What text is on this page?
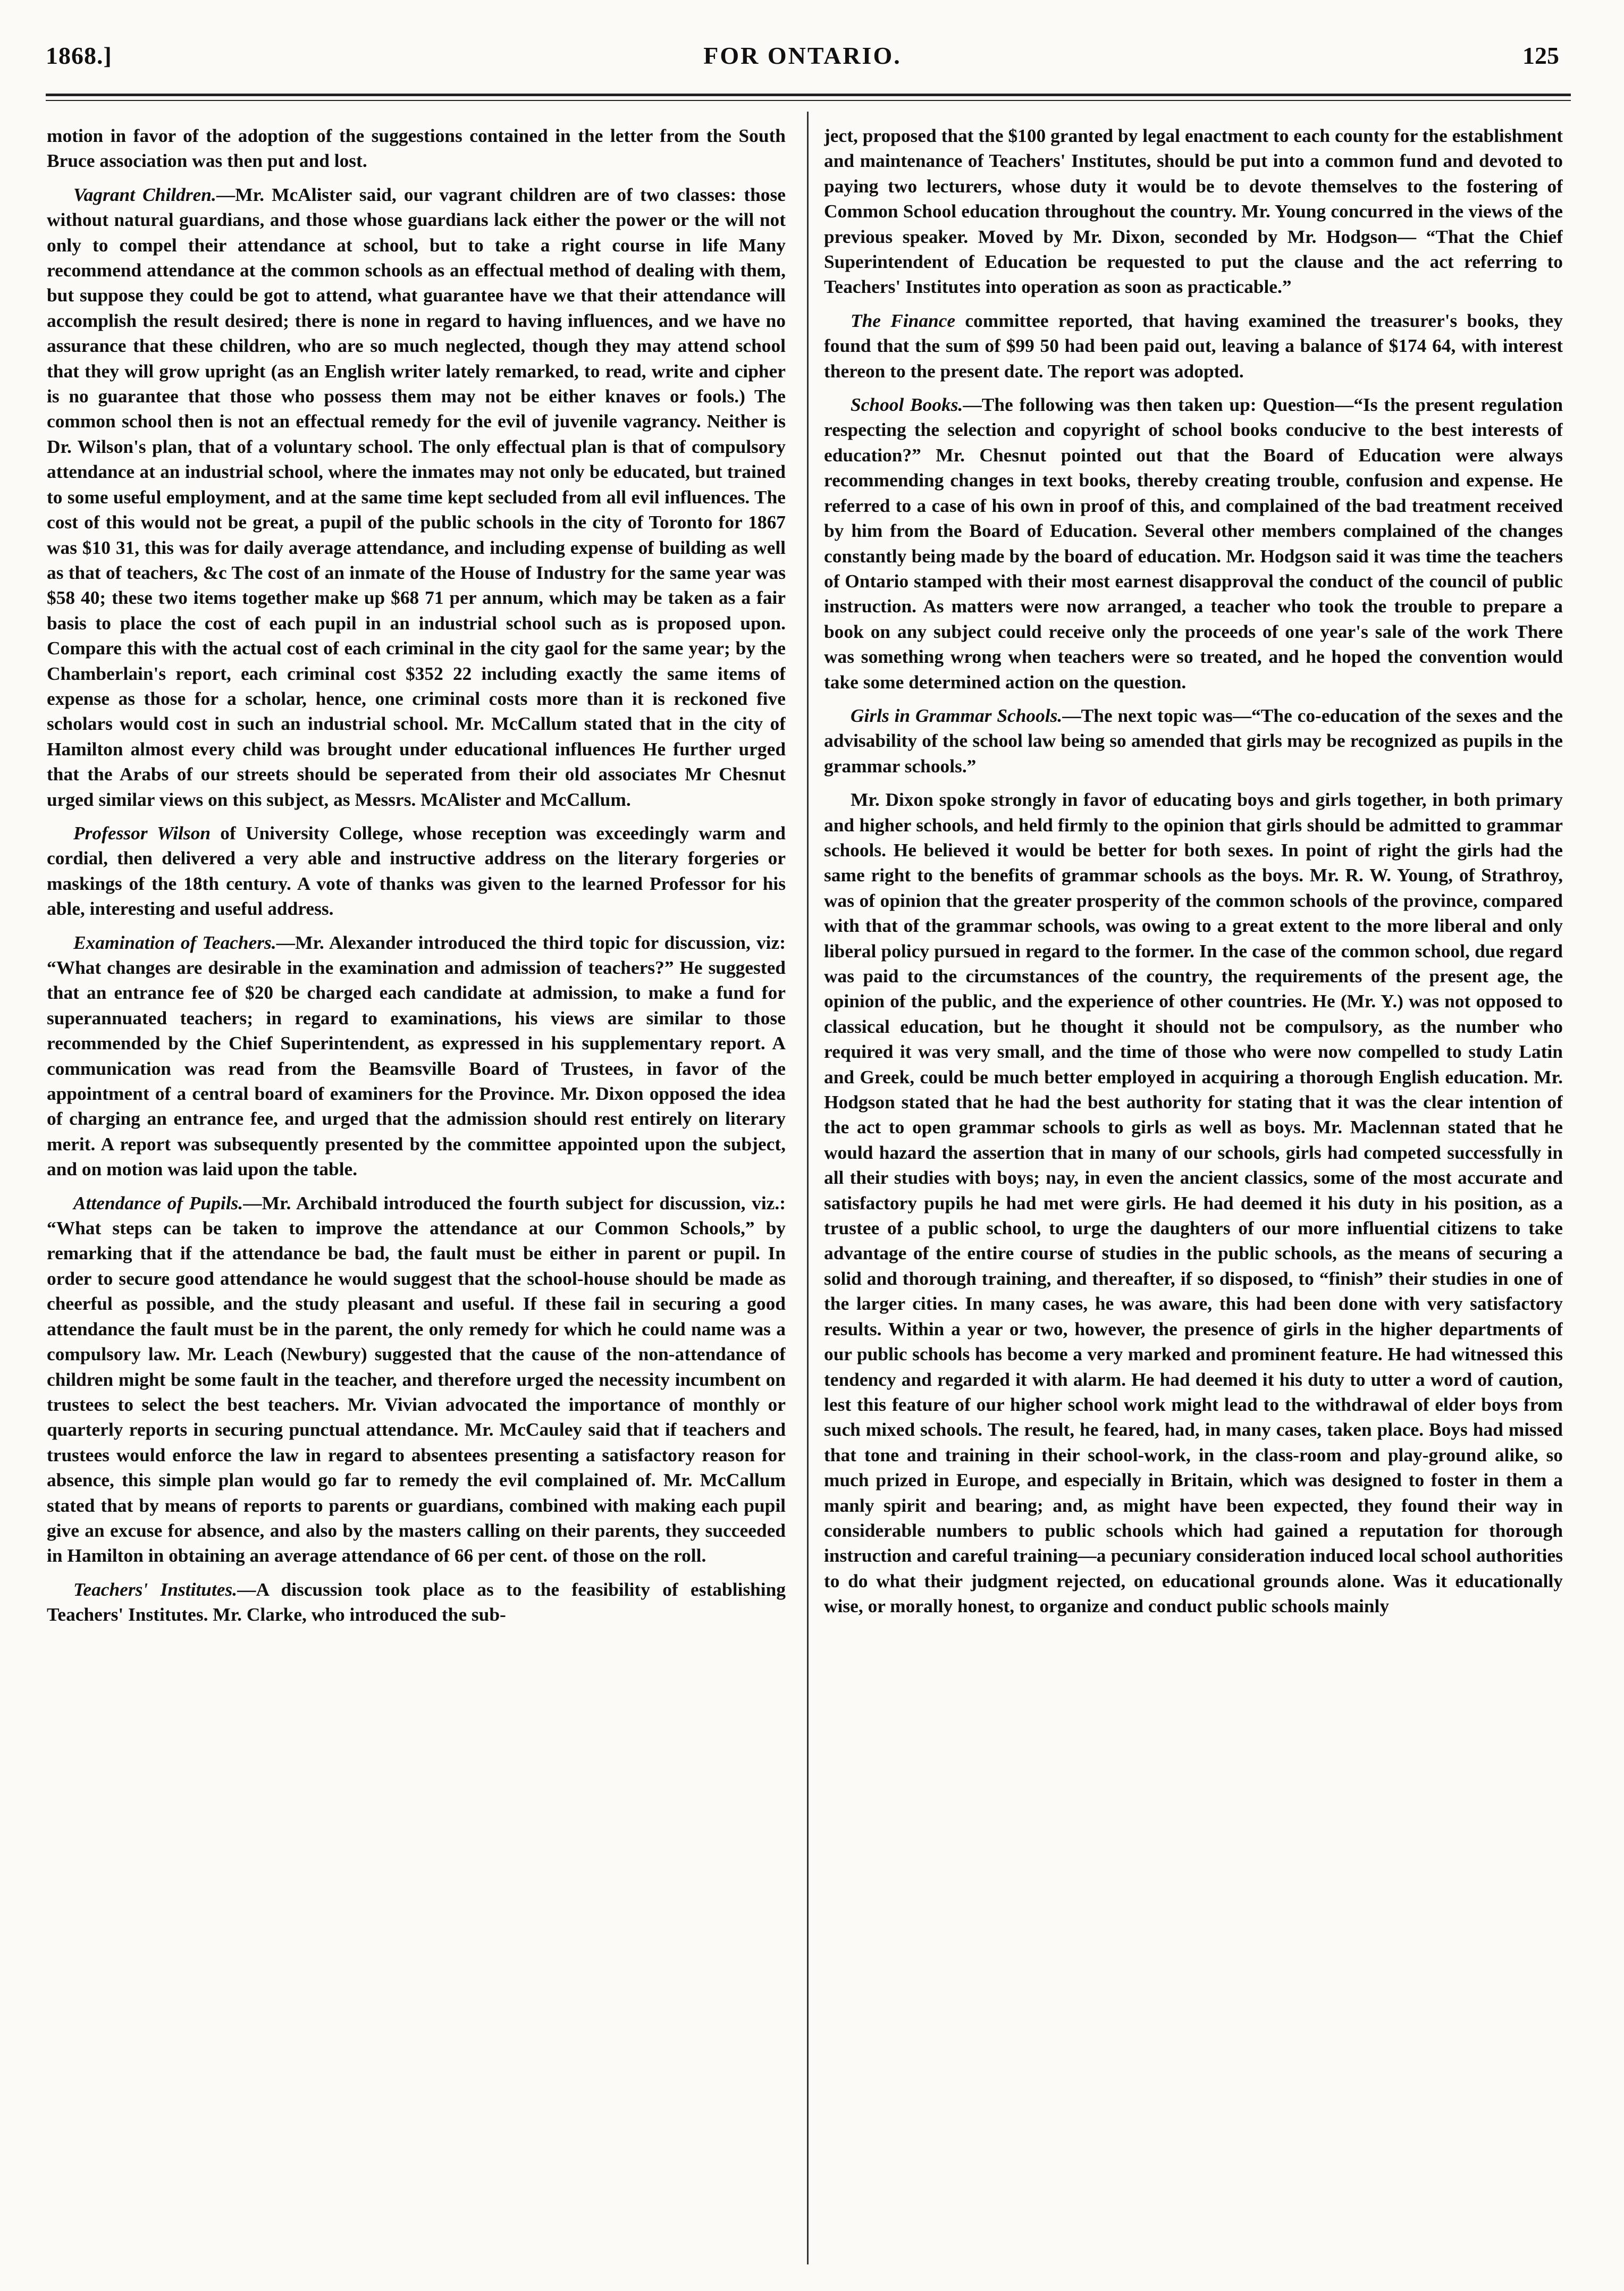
1868.]	FOR ONTARIO.	125

motion in favor of the adoption of the suggestions contained in the letter from the South Bruce association was then put and lost.

Vagrant Children.—Mr. McAlister said, our vagrant children are of two classes: those without natural guardians, and those whose guardians lack either the power or the will not only to compel their attendance at school, but to take a right course in life Many recommend attendance at the common schools as an effectual method of dealing with them, but suppose they could be got to attend, what guarantee have we that their attendance will accomplish the result desired; there is none in regard to having influences, and we have no assurance that these children, who are so much neglected, though they may attend school that they will grow upright (as an English writer lately remarked, to read, write and cipher is no guarantee that those who possess them may not be either knaves or fools.) The common school then is not an effectual remedy for the evil of juvenile vagrancy. Neither is Dr. Wilson's plan, that of a voluntary school. The only effectual plan is that of compulsory attendance at an industrial school, where the inmates may not only be educated, but trained to some useful employment, and at the same time kept secluded from all evil influences. The cost of this would not be great, a pupil of the public schools in the city of Toronto for 1867 was $10 31, this was for daily average attendance, and including expense of building as well as that of teachers, &c The cost of an inmate of the House of Industry for the same year was $58 40; these two items together make up $68 71 per annum, which may be taken as a fair basis to place the cost of each pupil in an industrial school such as is proposed upon. Compare this with the actual cost of each criminal in the city gaol for the same year; by the Chamberlain's report, each criminal cost $352 22 including exactly the same items of expense as those for a scholar, hence, one criminal costs more than it is reckoned five scholars would cost in such an industrial school. Mr. McCallum stated that in the city of Hamilton almost every child was brought under educational influences He further urged that the Arabs of our streets should be seperated from their old associates Mr Chesnut urged similar views on this subject, as Messrs. McAlister and McCallum.

Professor Wilson of University College, whose reception was exceedingly warm and cordial, then delivered a very able and instructive address on the literary forgeries or maskings of the 18th century. A vote of thanks was given to the learned Professor for his able, interesting and useful address.

Examination of Teachers.—Mr. Alexander introduced the third topic for discussion, viz: “What changes are desirable in the examination and admission of teachers?” He suggested that an entrance fee of $20 be charged each candidate at admission, to make a fund for superannuated teachers; in regard to examinations, his views are similar to those recommended by the Chief Superintendent, as expressed in his supplementary report. A communication was read from the Beamsville Board of Trustees, in favor of the appointment of a central board of examiners for the Province. Mr. Dixon opposed the idea of charging an entrance fee, and urged that the admission should rest entirely on literary merit. A report was subsequently presented by the committee appointed upon the subject, and on motion was laid upon the table.

Attendance of Pupils.—Mr. Archibald introduced the fourth subject for discussion, viz.: “What steps can be taken to improve the attendance at our Common Schools,” by remarking that if the attendance be bad, the fault must be either in parent or pupil. In order to secure good attendance he would suggest that the school-house should be made as cheerful as possible, and the study pleasant and useful. If these fail in securing a good attendance the fault must be in the parent, the only remedy for which he could name was a compulsory law. Mr. Leach (Newbury) suggested that the cause of the non-attendance of children might be some fault in the teacher, and therefore urged the necessity incumbent on trustees to select the best teachers. Mr. Vivian advocated the importance of monthly or quarterly reports in securing punctual attendance. Mr. McCauley said that if teachers and trustees would enforce the law in regard to absentees presenting a satisfactory reason for absence, this simple plan would go far to remedy the evil complained of. Mr. McCallum stated that by means of reports to parents or guardians, combined with making each pupil give an excuse for absence, and also by the masters calling on their parents, they succeeded in Hamilton in obtaining an average attendance of 66 per cent. of those on the roll.

Teachers' Institutes.—A discussion took place as to the feasibility of establishing Teachers' Institutes. Mr. Clarke, who introduced the sub-

ject, proposed that the $100 granted by legal enactment to each county for the establishment and maintenance of Teachers' Institutes, should be put into a common fund and devoted to paying two lecturers, whose duty it would be to devote themselves to the fostering of Common School education throughout the country. Mr. Young concurred in the views of the previous speaker. Moved by Mr. Dixon, seconded by Mr. Hodgson— “That the Chief Superintendent of Education be requested to put the clause and the act referring to Teachers' Institutes into operation as soon as practicable.”

The Finance committee reported, that having examined the treasurer's books, they found that the sum of $99 50 had been paid out, leaving a balance of $174 64, with interest thereon to the present date. The report was adopted.

School Books.—The following was then taken up: Question—“Is the present regulation respecting the selection and copyright of school books conducive to the best interests of education?” Mr. Chesnut pointed out that the Board of Education were always recommending changes in text books, thereby creating trouble, confusion and expense. He referred to a case of his own in proof of this, and complained of the bad treatment received by him from the Board of Education. Several other members complained of the changes constantly being made by the board of education. Mr. Hodgson said it was time the teachers of Ontario stamped with their most earnest disapproval the conduct of the council of public instruction. As matters were now arranged, a teacher who took the trouble to prepare a book on any subject could receive only the proceeds of one year's sale of the work There was something wrong when teachers were so treated, and he hoped the convention would take some determined action on the question.

Girls in Grammar Schools.—The next topic was—“The co-education of the sexes and the advisability of the school law being so amended that girls may be recognized as pupils in the grammar schools.”

Mr. Dixon spoke strongly in favor of educating boys and girls together, in both primary and higher schools, and held firmly to the opinion that girls should be admitted to grammar schools. He believed it would be better for both sexes. In point of right the girls had the same right to the benefits of grammar schools as the boys. Mr. R. W. Young, of Strathroy, was of opinion that the greater prosperity of the common schools of the province, compared with that of the grammar schools, was owing to a great extent to the more liberal and only liberal policy pursued in regard to the former. In the case of the common school, due regard was paid to the circumstances of the country, the requirements of the present age, the opinion of the public, and the experience of other countries. He (Mr. Y.) was not opposed to classical education, but he thought it should not be compulsory, as the number who required it was very small, and the time of those who were now compelled to study Latin and Greek, could be much better employed in acquiring a thorough English education. Mr. Hodgson stated that he had the best authority for stating that it was the clear intention of the act to open grammar schools to girls as well as boys. Mr. Maclennan stated that he would hazard the assertion that in many of our schools, girls had competed successfully in all their studies with boys; nay, in even the ancient classics, some of the most accurate and satisfactory pupils he had met were girls. He had deemed it his duty in his position, as a trustee of a public school, to urge the daughters of our more influential citizens to take advantage of the entire course of studies in the public schools, as the means of securing a solid and thorough training, and thereafter, if so disposed, to “finish” their studies in one of the larger cities. In many cases, he was aware, this had been done with very satisfactory results. Within a year or two, however, the presence of girls in the higher departments of our public schools has become a very marked and prominent feature. He had witnessed this tendency and regarded it with alarm. He had deemed it his duty to utter a word of caution, lest this feature of our higher school work might lead to the withdrawal of elder boys from such mixed schools. The result, he feared, had, in many cases, taken place. Boys had missed that tone and training in their school-work, in the class-room and play-ground alike, so much prized in Europe, and especially in Britain, which was designed to foster in them a manly spirit and bearing; and, as might have been expected, they found their way in considerable numbers to public schools which had gained a reputation for thorough instruction and careful training—a pecuniary consideration induced local school authorities to do what their judgment rejected, on educational grounds alone. Was it educationally wise, or morally honest, to organize and conduct public schools mainly
